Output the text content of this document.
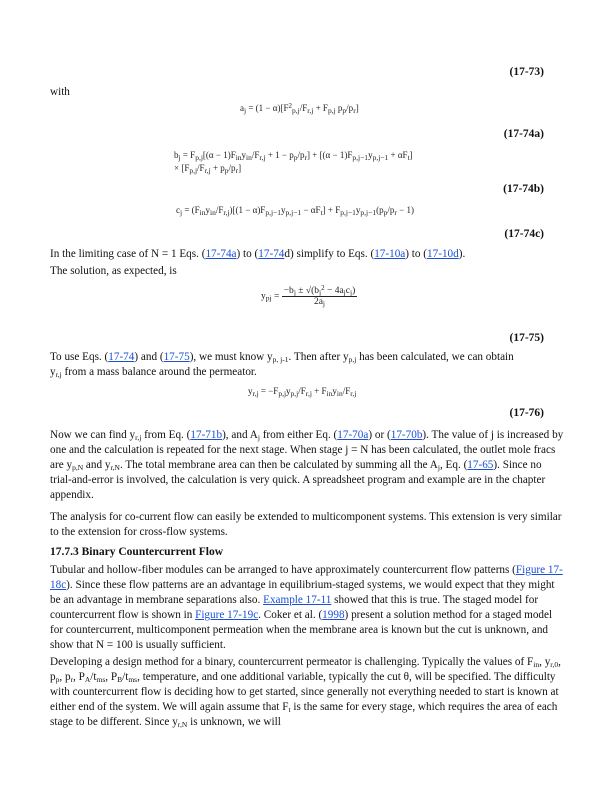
(17-73)
with
$a_j = (1 - \alpha)[F^2_{p,j}/F_{r,j} + F_{p,j}$ $p_p/p_r$]
(17-74a)
$b_j = F_{p,j}[(\alpha - 1)F_{in}y_{in}/F_{r,j} + 1 - p_p/p_r] + [(\alpha - 1)F_{p,j-1}y_{p,j-1} + \alpha F_t]$
× $[F_{p,j}/F_{r,j} + p_p/p_r]$
(17-74b)
$c_j = (F_{in}y_{in}/F_{r,j})[(1 - \alpha)F_{p,j-1}y_{p,j-1} - \alpha F_t] + F_{p,j-1}y_{p,j-1}(p_p/p_r - 1)$
(17-74c)
In the limiting case of N = 1 Eqs. (17-74a) to (17-74d) simplify to Eqs. (17-10a) to (17-10d).
The solution, as expected, is
$y_{pj} = \frac{-b_j \pm √(b_j^2 - 4a_jc_j)}{2a_j}$
(17-75)
To use Eqs. (17-74) and (17-75), we must know $y_{p, j-1}$. Then after $y_{p,j}$ has been calculated, we can obtain
$y_{r,j}$ from a mass balance around the permeator.
$y_{r,j} = -F_{p,j}y_{p,j}/F_{r,j} + F_{in}y_{in}/F_{r,j}$
(17-76)
Now we can find $y_{r,j}$ from Eq. (17-71b), and $A_j$ from either Eq. (17-70a) or (17-70b). The value of j is increased by one and the calculation is repeated for the next stage. When stage j = N has been calculated, the outlet mole fracs are $y_{p,N}$ and $y_{r,N}$. The total membrane area can then be calculated by summing all the $A_j$, Eq. (17-65). Since no trial-and-error is involved, the calculation is very quick. A spreadsheet program and example are in the chapter appendix.
The analysis for co-current flow can easily be extended to multicomponent systems. This extension is very similar to the extension for cross-flow systems.
17.7.3 Binary Countercurrent Flow
Tubular and hollow-fiber modules can be arranged to have approximately countercurrent flow patterns (Figure 17-18c). Since these flow patterns are an advantage in equilibrium-staged systems, we would expect that they might be an advantage in membrane separations also. Example 17-11 showed that this is true. The staged model for countercurrent flow is shown in Figure 17-19c. Coker et al. (1998) present a solution method for a staged model for countercurrent, multicomponent permeation when the membrane area is known but the cut is unknown, and show that N = 100 is usually sufficient.
Developing a design method for a binary, countercurrent permeator is challenging. Typically the values of $F_{in}$, $y_{r,0}$, $p_p$, $p_r$, $P_A/t_{ms}$, $P_B/t_{ms}$, temperature, and one additional variable, typically the cut θ, will be specified. The difficulty with countercurrent flow is deciding how to get started, since generally not everything needed to start is known at either end of the system. We will again assume that $F_t$ is the same for every stage, which requires the area of each stage to be different. Since $y_{r,N}$ is unknown, we will
